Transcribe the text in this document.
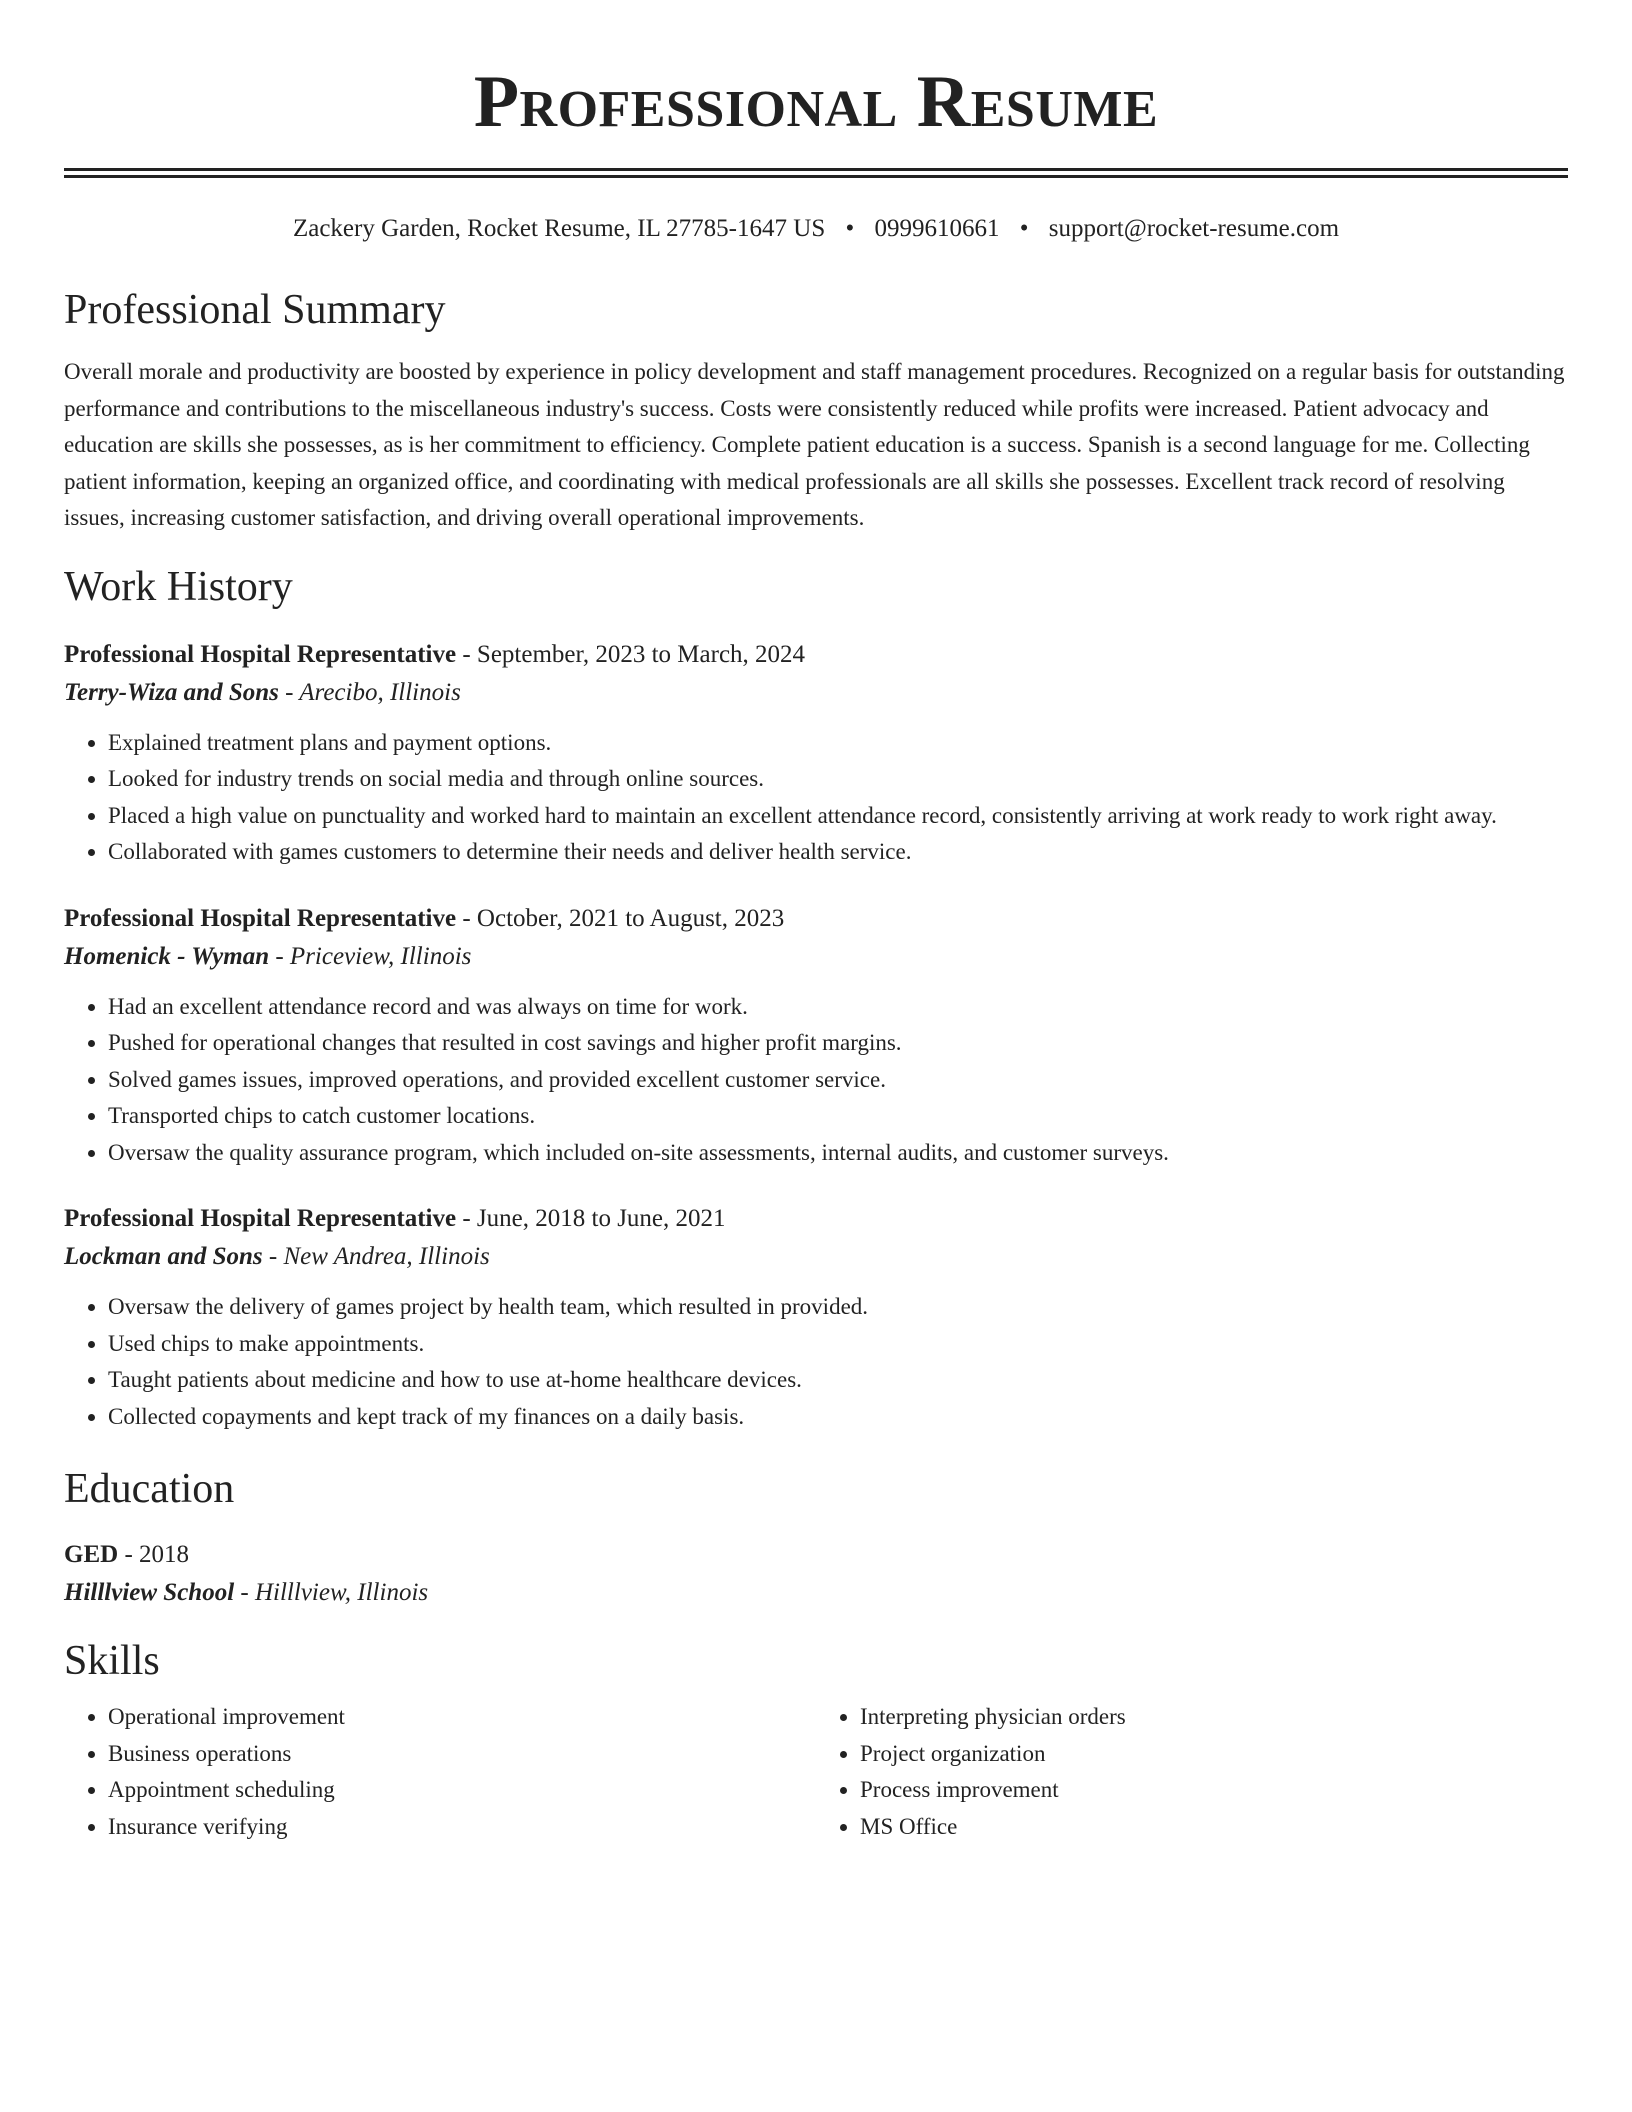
Professional Resume
Zackery Garden, Rocket Resume, IL 27785-1647 US • 0999610661 • support@rocket-resume.com
Professional Summary

Overall morale and productivity are boosted by experience in policy development and staff management procedures. Recognized on a regular basis for outstanding performance and contributions to the miscellaneous industry's success. Costs were consistently reduced while profits were increased. Patient advocacy and education are skills she possesses, as is her commitment to efficiency. Complete patient education is a success. Spanish is a second language for me. Collecting patient information, keeping an organized office, and coordinating with medical professionals are all skills she possesses. Excellent track record of resolving issues, increasing customer satisfaction, and driving overall operational improvements.

Work History
Professional Hospital Representative - September, 2023 to March, 2024
Terry-Wiza and Sons - Arecibo, Illinois
• Explained treatment plans and payment options.
• Looked for industry trends on social media and through online sources.
• Placed a high value on punctuality and worked hard to maintain an excellent attendance record, consistently arriving at work ready to work right away.
• Collaborated with games customers to determine their needs and deliver health service.
Professional Hospital Representative - October, 2021 to August, 2023
Homenick - Wyman - Priceview, Illinois
• Had an excellent attendance record and was always on time for work.
• Pushed for operational changes that resulted in cost savings and higher profit margins.
• Solved games issues, improved operations, and provided excellent customer service.
• Transported chips to catch customer locations.
• Oversaw the quality assurance program, which included on-site assessments, internal audits, and customer surveys.
Professional Hospital Representative - June, 2018 to June, 2021
Lockman and Sons - New Andrea, Illinois
• Oversaw the delivery of games project by health team, which resulted in provided.
• Used chips to make appointments.
• Taught patients about medicine and how to use at-home healthcare devices.
• Collected copayments and kept track of my finances on a daily basis.
Education
GED - 2018
Hilllview School - Hilllview, Illinois
Skills
• Operational improvement
• Business operations
• Appointment scheduling
• Insurance verifying
• Interpreting physician orders
• Project organization
• Process improvement
• MS Office
